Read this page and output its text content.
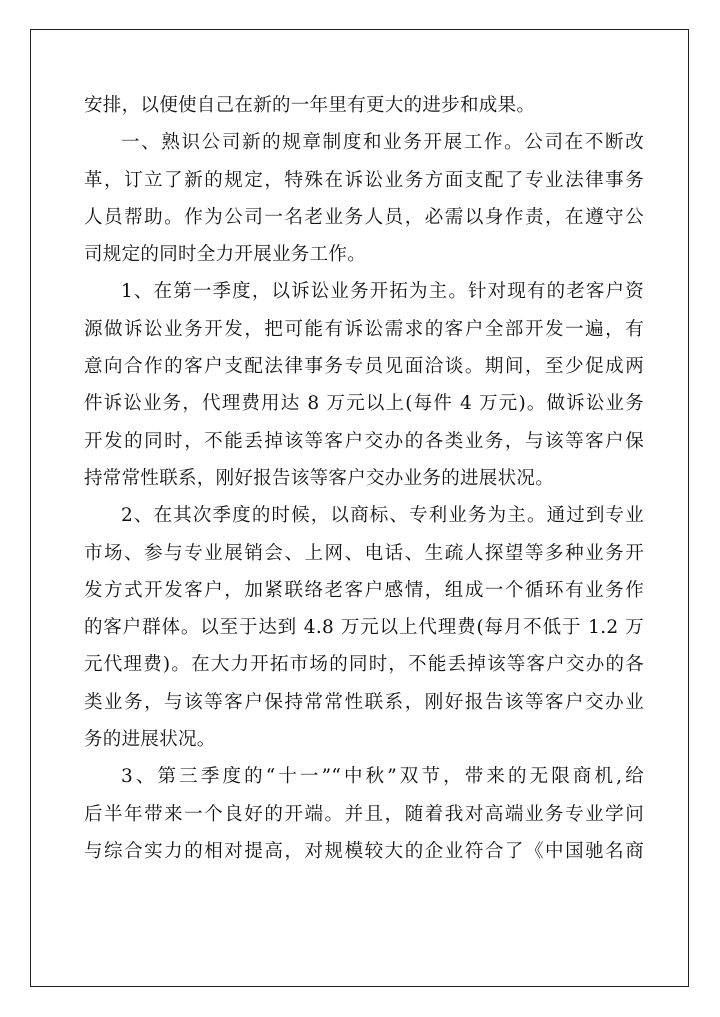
安排，以便使自己在新的一年里有更大的进步和成果。
一、熟识公司新的规章制度和业务开展工作。公司在不断改
革，订立了新的规定，特殊在诉讼业务方面支配了专业法律事务
人员帮助。作为公司一名老业务人员，必需以身作责，在遵守公
司规定的同时全力开展业务工作。
1、在第一季度，以诉讼业务开拓为主。针对现有的老客户资
源做诉讼业务开发，把可能有诉讼需求的客户全部开发一遍，有
意向合作的客户支配法律事务专员见面洽谈。期间，至少促成两
件诉讼业务，代理费用达 8 万元以上(每件 4 万元)。做诉讼业务
开发的同时，不能丢掉该等客户交办的各类业务，与该等客户保
持常常性联系，刚好报告该等客户交办业务的进展状况。
2、在其次季度的时候，以商标、专利业务为主。通过到专业
市场、参与专业展销会、上网、电话、生疏人探望等多种业务开
发方式开发客户，加紧联络老客户感情，组成一个循环有业务作
的客户群体。以至于达到 4.8 万元以上代理费(每月不低于 1.2 万
元代理费)。在大力开拓市场的同时，不能丢掉该等客户交办的各
类业务，与该等客户保持常常性联系，刚好报告该等客户交办业
务的进展状况。
3、第三季度的“十一”“中秋”双节，带来的无限商机,给
后半年带来一个良好的开端。并且，随着我对高端业务专业学问
与综合实力的相对提高，对规模较大的企业符合了《中国驰名商
